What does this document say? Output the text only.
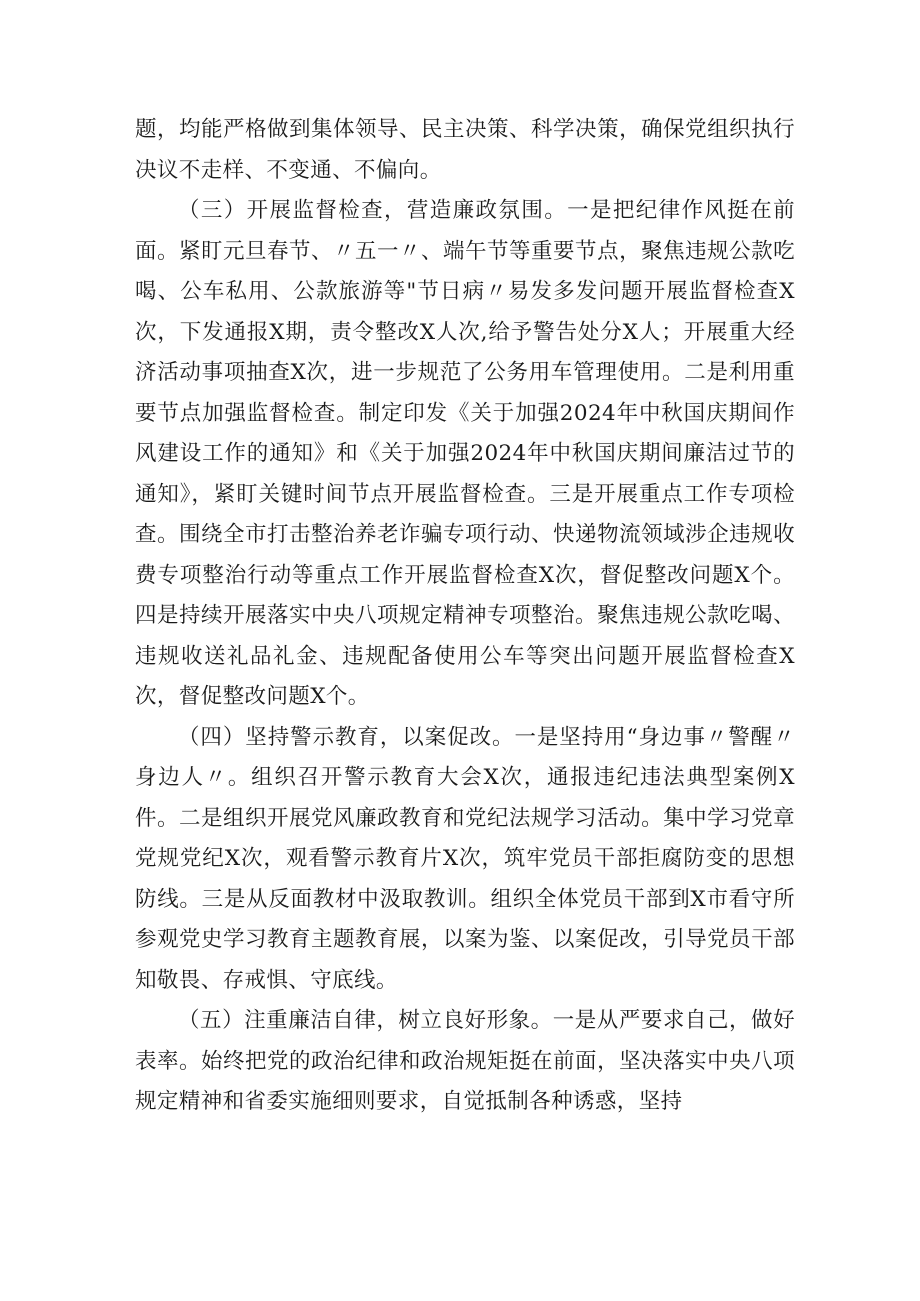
题，均能严格做到集体领导、民主决策、科学决策，确保党组织执行决议不走样、不变通、不偏向。

（三）开展监督检查，营造廉政氛围。一是把纪律作风挺在前面。紧盯元旦春节、〃五一〃、端午节等重要节点，聚焦违规公款吃喝、公车私用、公款旅游等"节日病〃易发多发问题开展监督检查X次，下发通报X期，责令整改X人次,给予警告处分X人；开展重大经济活动事项抽查X次，进一步规范了公务用车管理使用。二是利用重要节点加强监督检查。制定印发《关于加强2024年中秋国庆期间作风建设工作的通知》和《关于加强2024年中秋国庆期间廉洁过节的通知》，紧盯关键时间节点开展监督检查。三是开展重点工作专项检查。围绕全市打击整治养老诈骗专项行动、快递物流领域涉企违规收费专项整治行动等重点工作开展监督检查X次，督促整改问题X个。四是持续开展落实中央八项规定精神专项整治。聚焦违规公款吃喝、违规收送礼品礼金、违规配备使用公车等突出问题开展监督检查X次，督促整改问题X个。

（四）坚持警示教育，以案促改。一是坚持用“身边事〃警醒〃身边人〃。组织召开警示教育大会X次，通报违纪违法典型案例X件。二是组织开展党风廉政教育和党纪法规学习活动。集中学习党章党规党纪X次，观看警示教育片X次，筑牢党员干部拒腐防变的思想防线。三是从反面教材中汲取教训。组织全体党员干部到X市看守所参观党史学习教育主题教育展，以案为鉴、以案促改，引导党员干部知敬畏、存戒惧、守底线。

（五）注重廉洁自律，树立良好形象。一是从严要求自己，做好表率。始终把党的政治纪律和政治规矩挺在前面，坚决落实中央八项规定精神和省委实施细则要求，自觉抵制各种诱惑，坚持
